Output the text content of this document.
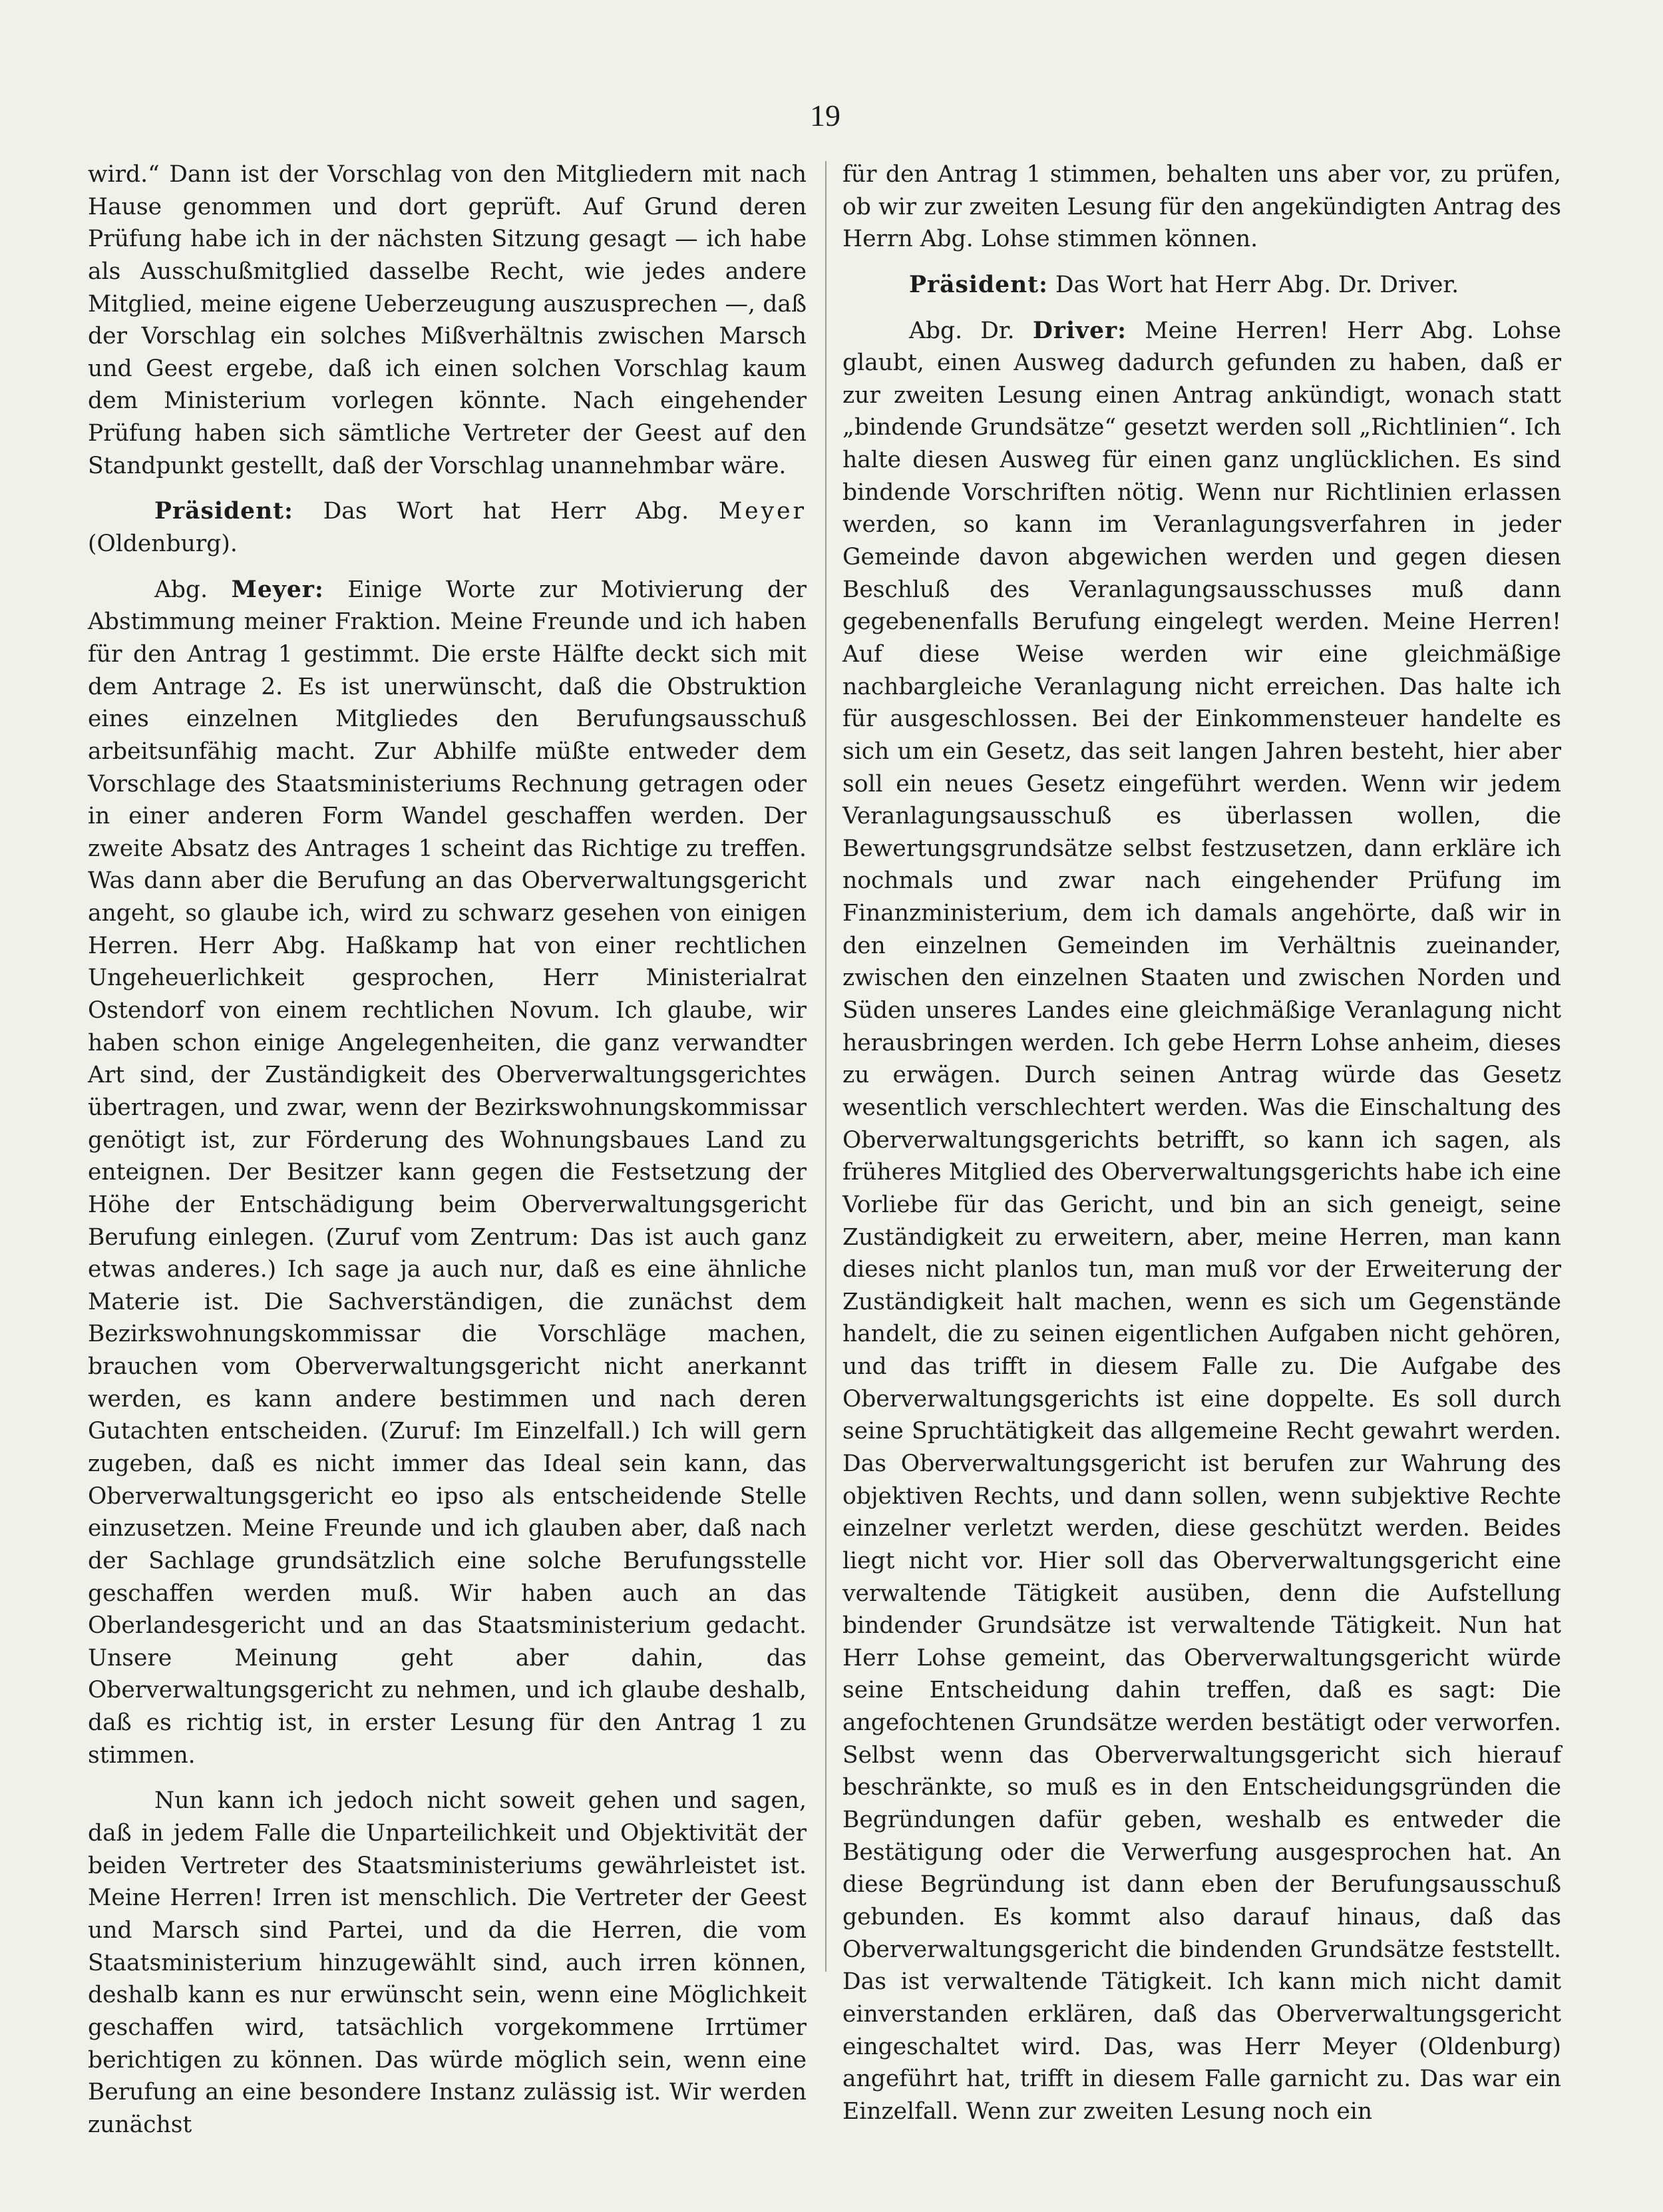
19

wird.“ Dann ist der Vorschlag von den Mitgliedern mit nach Hause genommen und dort geprüft. Auf Grund deren Prüfung habe ich in der nächsten Sitzung gesagt — ich habe als Ausschußmitglied dasselbe Recht, wie jedes andere Mitglied, meine eigene Ueberzeugung auszusprechen —, daß der Vorschlag ein solches Mißverhältnis zwischen Marsch und Geest ergebe, daß ich einen solchen Vorschlag kaum dem Ministerium vorlegen könnte. Nach eingehender Prüfung haben sich sämtliche Vertreter der Geest auf den Standpunkt gestellt, daß der Vorschlag unannehmbar wäre.

Präsident: Das Wort hat Herr Abg. Meyer (Oldenburg).

Abg. Meyer: Einige Worte zur Motivierung der Abstimmung meiner Fraktion. Meine Freunde und ich haben für den Antrag 1 gestimmt. Die erste Hälfte deckt sich mit dem Antrage 2. Es ist unerwünscht, daß die Obstruktion eines einzelnen Mitgliedes den Berufungsausschuß arbeitsunfähig macht. Zur Abhilfe müßte entweder dem Vorschlage des Staatsministeriums Rechnung getragen oder in einer anderen Form Wandel geschaffen werden. Der zweite Absatz des Antrages 1 scheint das Richtige zu treffen. Was dann aber die Berufung an das Oberverwaltungsgericht angeht, so glaube ich, wird zu schwarz gesehen von einigen Herren. Herr Abg. Haßkamp hat von einer rechtlichen Ungeheuerlichkeit gesprochen, Herr Ministerialrat Ostendorf von einem rechtlichen Novum. Ich glaube, wir haben schon einige Angelegenheiten, die ganz verwandter Art sind, der Zuständigkeit des Oberverwaltungsgerichtes übertragen, und zwar, wenn der Bezirkswohnungskommissar genötigt ist, zur Förderung des Wohnungsbaues Land zu enteignen. Der Besitzer kann gegen die Festsetzung der Höhe der Entschädigung beim Oberverwaltungsgericht Berufung einlegen. (Zuruf vom Zentrum: Das ist auch ganz etwas anderes.) Ich sage ja auch nur, daß es eine ähnliche Materie ist. Die Sachverständigen, die zunächst dem Bezirkswohnungskommissar die Vorschläge machen, brauchen vom Oberverwaltungsgericht nicht anerkannt werden, es kann andere bestimmen und nach deren Gutachten entscheiden. (Zuruf: Im Einzelfall.) Ich will gern zugeben, daß es nicht immer das Ideal sein kann, das Oberverwaltungsgericht eo ipso als entscheidende Stelle einzusetzen. Meine Freunde und ich glauben aber, daß nach der Sachlage grundsätzlich eine solche Berufungsstelle geschaffen werden muß. Wir haben auch an das Oberlandesgericht und an das Staatsministerium gedacht. Unsere Meinung geht aber dahin, das Oberverwaltungsgericht zu nehmen, und ich glaube deshalb, daß es richtig ist, in erster Lesung für den Antrag 1 zu stimmen.

Nun kann ich jedoch nicht soweit gehen und sagen, daß in jedem Falle die Unparteilichkeit und Objektivität der beiden Vertreter des Staatsministeriums gewährleistet ist. Meine Herren! Irren ist menschlich. Die Vertreter der Geest und Marsch sind Partei, und da die Herren, die vom Staatsministerium hinzugewählt sind, auch irren können, deshalb kann es nur erwünscht sein, wenn eine Möglichkeit geschaffen wird, tatsächlich vorgekommene Irrtümer berichtigen zu können. Das würde möglich sein, wenn eine Berufung an eine besondere Instanz zulässig ist. Wir werden zunächst

für den Antrag 1 stimmen, behalten uns aber vor, zu prüfen, ob wir zur zweiten Lesung für den angekündigten Antrag des Herrn Abg. Lohse stimmen können.

Präsident: Das Wort hat Herr Abg. Dr. Driver.

Abg. Dr. Driver: Meine Herren! Herr Abg. Lohse glaubt, einen Ausweg dadurch gefunden zu haben, daß er zur zweiten Lesung einen Antrag ankündigt, wonach statt „bindende Grundsätze“ gesetzt werden soll „Richtlinien“. Ich halte diesen Ausweg für einen ganz unglücklichen. Es sind bindende Vorschriften nötig. Wenn nur Richtlinien erlassen werden, so kann im Veranlagungsverfahren in jeder Gemeinde davon abgewichen werden und gegen diesen Beschluß des Veranlagungsausschusses muß dann gegebenenfalls Berufung eingelegt werden. Meine Herren! Auf diese Weise werden wir eine gleichmäßige nachbargleiche Veranlagung nicht erreichen. Das halte ich für ausgeschlossen. Bei der Einkommensteuer handelte es sich um ein Gesetz, das seit langen Jahren besteht, hier aber soll ein neues Gesetz eingeführt werden. Wenn wir jedem Veranlagungsausschuß es überlassen wollen, die Bewertungsgrundsätze selbst festzusetzen, dann erkläre ich nochmals und zwar nach eingehender Prüfung im Finanzministerium, dem ich damals angehörte, daß wir in den einzelnen Gemeinden im Verhältnis zueinander, zwischen den einzelnen Staaten und zwischen Norden und Süden unseres Landes eine gleichmäßige Veranlagung nicht herausbringen werden. Ich gebe Herrn Lohse anheim, dieses zu erwägen. Durch seinen Antrag würde das Gesetz wesentlich verschlechtert werden. Was die Einschaltung des Oberverwaltungsgerichts betrifft, so kann ich sagen, als früheres Mitglied des Oberverwaltungsgerichts habe ich eine Vorliebe für das Gericht, und bin an sich geneigt, seine Zuständigkeit zu erweitern, aber, meine Herren, man kann dieses nicht planlos tun, man muß vor der Erweiterung der Zuständigkeit halt machen, wenn es sich um Gegenstände handelt, die zu seinen eigentlichen Aufgaben nicht gehören, und das trifft in diesem Falle zu. Die Aufgabe des Oberverwaltungsgerichts ist eine doppelte. Es soll durch seine Spruchtätigkeit das allgemeine Recht gewahrt werden. Das Oberverwaltungsgericht ist berufen zur Wahrung des objektiven Rechts, und dann sollen, wenn subjektive Rechte einzelner verletzt werden, diese geschützt werden. Beides liegt nicht vor. Hier soll das Oberverwaltungsgericht eine verwaltende Tätigkeit ausüben, denn die Aufstellung bindender Grundsätze ist verwaltende Tätigkeit. Nun hat Herr Lohse gemeint, das Oberverwaltungsgericht würde seine Entscheidung dahin treffen, daß es sagt: Die angefochtenen Grundsätze werden bestätigt oder verworfen. Selbst wenn das Oberverwaltungsgericht sich hierauf beschränkte, so muß es in den Entscheidungsgründen die Begründungen dafür geben, weshalb es entweder die Bestätigung oder die Verwerfung ausgesprochen hat. An diese Begründung ist dann eben der Berufungsausschuß gebunden. Es kommt also darauf hinaus, daß das Oberverwaltungsgericht die bindenden Grundsätze feststellt. Das ist verwaltende Tätigkeit. Ich kann mich nicht damit einverstanden erklären, daß das Oberverwaltungsgericht eingeschaltet wird. Das, was Herr Meyer (Oldenburg) angeführt hat, trifft in diesem Falle garnicht zu. Das war ein Einzelfall. Wenn zur zweiten Lesung noch ein
